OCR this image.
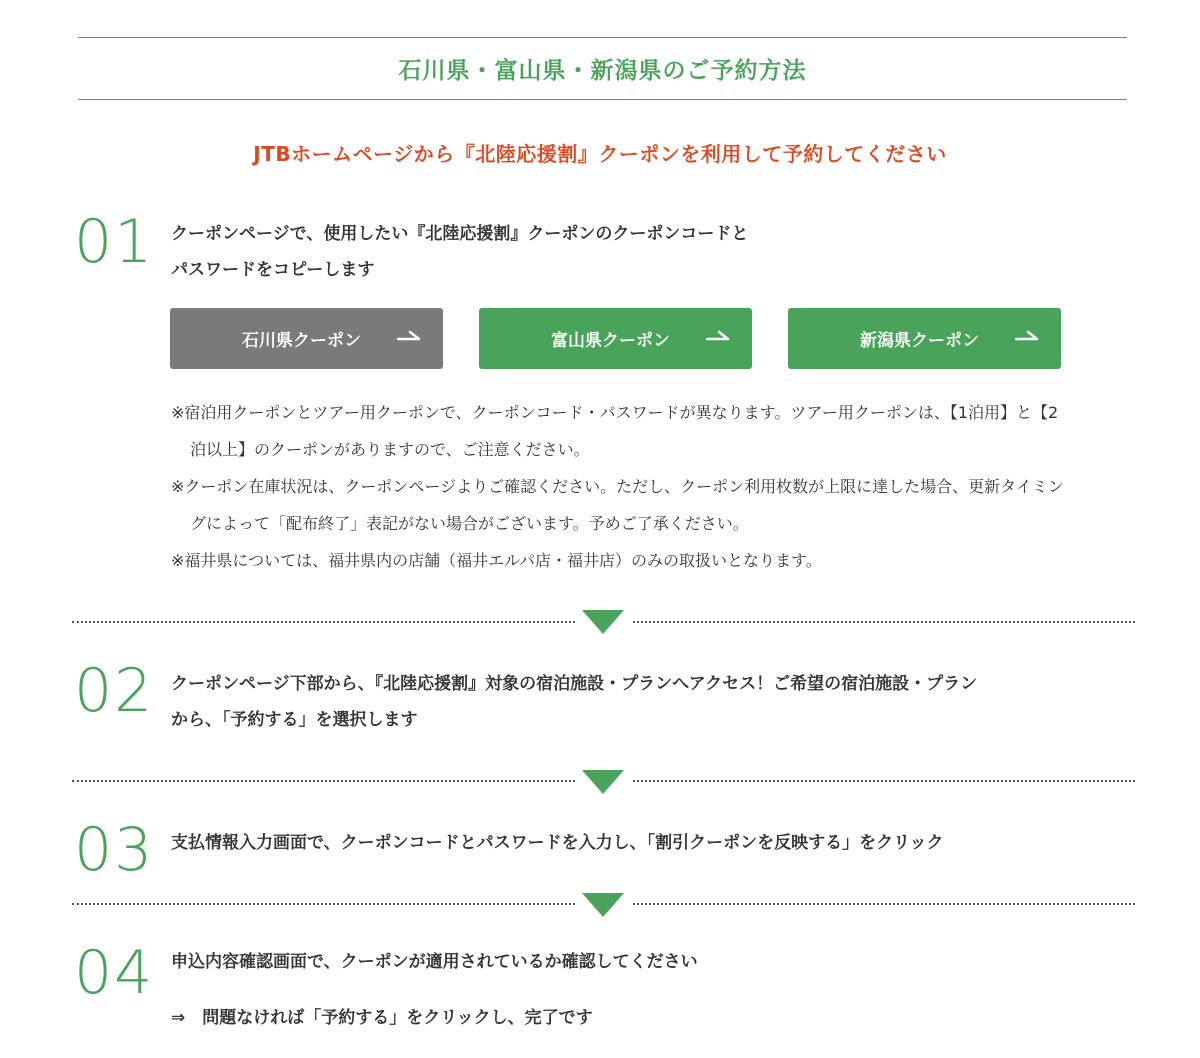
石川県・富山県・新潟県のご予約方法
JTBホームページから『北陸応援割』クーポンを利用して予約してください
01 クーポンページで、使用したい『北陸応援割』クーポンのクーポンコードと
パスワードをコピーします
石川県クーポン	富山県クーポン	新潟県クーポン

※宿泊用クーポンとツアー用クーポンで、クーポンコード・パスワードが異なります。ツアー用クーポンは、【1泊用】と【2泊以上】のクーポンがありますので、ご注意ください。

※クーポン在庫状況は、クーポンページよりご確認ください。ただし、クーポン利用枚数が上限に達した場合、更新タイミングによって「配布終了」表記がない場合がございます。予めご了承ください。

※福井県については、福井県内の店舗（福井エルパ店・福井店）のみの取扱いとなります。

02 クーポンページ下部から、『北陸応援割』対象の宿泊施設・プランへアクセス！ご希望の宿泊施設・プラン
から、「予約する」を選択します
03 支払情報入力画面で、クーポンコードとパスワードを入力し、「割引クーポンを反映する」をクリック
04 申込内容確認画面で、クーポンが適用されているか確認してください
⇒　問題なければ「予約する」をクリックし、完了です
